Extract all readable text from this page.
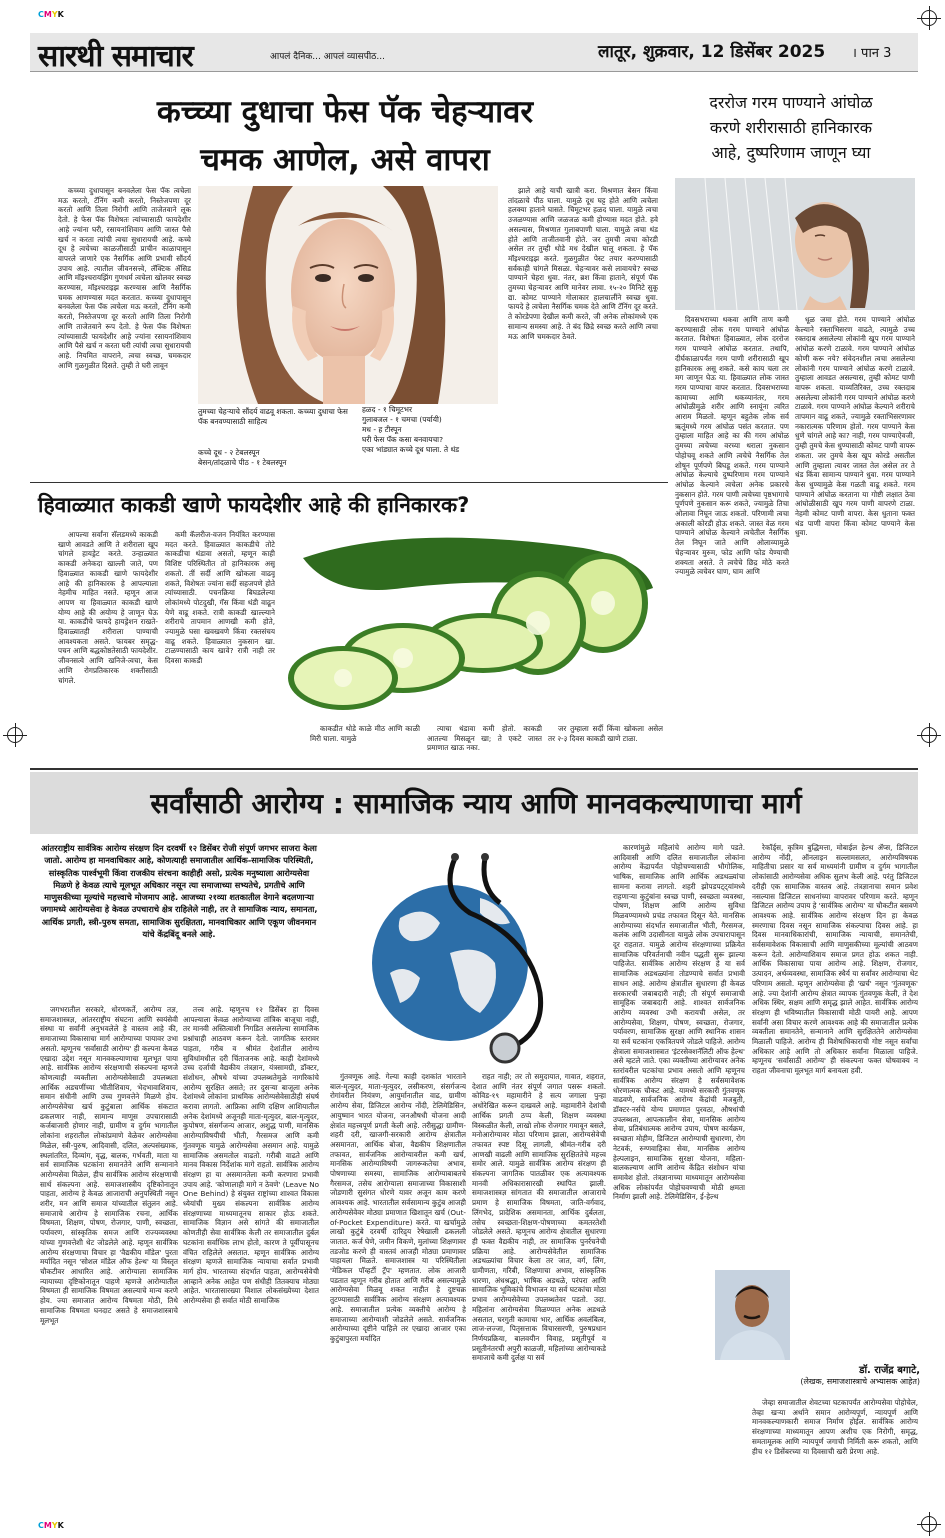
CMYK
CMYK
सारथी समाचार	आपलं दैनिक... आपलं व्यासपीठ...	लातूर, शुक्रवार, 12 डिसेंबर 2025 । पान 3
कच्च्या दुधाचा फेस पॅक चेहऱ्यावर
चमक आणेल, असे वापरा

कच्च्या दुधापासून बनवलेला फेस पॅक त्वचेला मऊ करतो, टॅनिंग कमी करतो, निस्तेजपणा दूर करतो आणि तिला निरोगी आणि ताजेतवाने लूक देतो. हे फेस पॅक विशेषतः त्यांच्यासाठी फायदेशीर आहे ज्यांना घरी, रसायनांशिवाय आणि जास्त पैसे खर्च न करता त्यांची त्वचा सुधारायची आहे. कच्चे दूध हे त्वचेच्या काळजीसाठी प्राचीन काळापासून वापरले जाणारे एक नैसर्गिक आणि प्रभावी सौंदर्य उपाय आहे. त्यातील जीवनसत्त्वे, लॅक्टिक ॲसिड आणि मॉइश्चरायझिंग गुणधर्म त्वचेला खोलवर स्वच्छ करण्यास, मॉइश्चराइझ करण्यास आणि नैसर्गिक चमक आणण्यास मदत करतात. कच्च्या दुधापासून बनवलेला फेस पॅक त्वचेला मऊ करतो, टॅनिंग कमी करतो, निस्तेजपणा दूर करतो आणि तिला निरोगी आणि ताजेतवाने रूप देतो. हे फेस पॅक विशेषतः त्यांच्यासाठी फायदेशीर आहे ज्यांना रसायनांशिवाय आणि पैसे खर्च न करता घरी त्यांची त्वचा सुधारायची आहे. नियमित वापराने, त्वचा स्वच्छ, चमकदार आणि गुळगुळीत दिसते. तुम्ही ते घरी लावून

तुमच्या चेहऱ्याचे सौंदर्य वाढवू शकता. कच्च्या दुधाचा फेस पॅक बनवण्यासाठी साहित्य
कच्चे दूध - २ टेबलस्पून
बेसन/तांदळाचे पीठ - १ टेबलस्पून
हळद - १ चिमूटभर
गुलाबजल - १ चमचा (पर्यायी)
मध - ह टीस्पून
घरी फेस पॅक कसा बनवायचा?
एका भांड्यात कच्चे दूध घाला. ते थंड

झाले आहे याची खात्री करा. मिश्रणात बेसन किंवा तांदळाचे पीठ घाला. यामुळे दूध घट्ट होते आणि त्वचेला हलक्या हाताने घासते. चिमूटभर हळद घाला. यामुळे त्वचा उजळण्यास आणि जळजळ कमी होण्यास मदत होते. हवे असल्यास, मिश्रणात गुलाबपाणी घाला. यामुळे त्वचा थंड होते आणि ताजीतवानी होते. जर तुमची त्वचा कोरडी असेल तर तुम्ही थोडे मध देखील घालू शकता. हे पॅक मॉइश्चराइझ करते. गुळगुळीत पेस्ट तयार करण्यासाठी सर्वकाही चांगले मिसळा. चेहऱ्यावर कसे लावायचे? स्वच्छ पाण्याने चेहरा धुवा. नंतर, ब्रश किंवा हाताने, संपूर्ण पॅक तुमच्या चेहऱ्यावर आणि मानेवर लावा. १५-२० मिनिटे सुकू द्या. कोमट पाण्याने गोलाकार हालचालींने स्वच्छ धुवा. फायदे हे त्वचेला नैसर्गिक चमक देते आणि टॅनिंग दूर करते. ते कोरडेपणा देखील कमी करते, जी अनेक लोकांमध्ये एक सामान्य समस्या आहे. ते बंद छिद्रे स्वच्छ करते आणि त्वचा मऊ आणि चमकदार ठेवते.

दररोज गरम पाण्याने आंघोळ
करणे शरीरासाठी हानिकारक
आहे, दुष्परिणाम जाणून घ्या

दिवसभराच्या थकवा आणि ताण कमी करण्यासाठी लोक गरम पाण्याने आंघोळ करतात. विशेषतः हिवाळ्यात, लोक दररोज गरम पाण्याने आंघोळ करतात. तथापि, दीर्घकाळापर्यंत गरम पाणी शरीरासाठी खूप हानिकारक असू शकते. कसे काय चला तर मग जाणून घेऊ या. हिवाळ्यात लोक जास्त गरम पाण्याचा वापर करतात. दिवसभराच्या कामाच्या आणि थकव्यानंतर, गरम आंघोळीमुळे शरीर आणि स्नायूंना त्वरित आराम मिळतो. म्हणून बहुतेक लोक सर्व ऋतूंमध्ये गरम आंघोळ पसंत करतात. पण तुम्हाला माहित आहे का की गरम आंघोळ तुमच्या त्वचेच्या वरच्या थराला नुकसान पोहोचवू शकते आणि त्वचेचे नैसर्गिक तेल शोषून पूर्णपणे बिघडू शकते. गरम पाण्याने आंघोळ केल्याचे दुष्परिणाम गरम पाण्याने आंघोळ केल्याने त्वचेला अनेक प्रकारचे नुकसान होते. गरम पाणी त्वचेच्या पृष्ठभागाचे पूर्णपणे नुकसान करू शकते, ज्यामुळे तिचा ओलावा निघून जाऊ शकतो. परिणामी त्वचा अकाली कोरडी होऊ शकते. जास्त वेळ गरम पाण्याने आंघोळ केल्याने त्वचेतील नैसर्गिक तेल निघून जाते आणि ओलाव्यामुळे चेहऱ्यावर मुरुम, फोड आणि फोड येण्याची शक्यता असते. ते त्वचेचे छिद्र मोठे करते ज्यामुळे त्वचेवर घाण, घाम आणि

धूळ जमा होते. गरम पाण्याने आंघोळ केल्याने रक्ताभिसरण वाढते, त्यामुळे उच्च रक्तदाब असलेल्या लोकांनी खूप गरम पाण्याने आंघोळ करणे टाळावे. गरम पाण्याने आंघोळ कोणी करू नये? संवेदनशील त्वचा असलेल्या लोकांनी गरम पाण्याने आंघोळ करणे टाळावे. तुम्हाला आवडत असल्यास, तुम्ही कोमट पाणी वापरू शकता. याव्यतिरिक्त, उच्च रक्तदाब असलेल्या लोकांनी गरम पाण्याने आंघोळ करणे टाळावे. गरम पाण्याने आंघोळ केल्याने शरीराचे तापमान वाढू शकते, ज्यामुळे रक्ताभिसरणावर नकारात्मक परिणाम होतो. गरम पाण्याने केस धुणे चांगले आहे का? नाही, गरम पाण्याऐवजी, तुम्ही तुमचे केस धुण्यासाठी कोमट पाणी वापरू शकता. जर तुमचे केस खूप कोरडे असतील आणि तुम्हाला त्यावर जास्त तेल असेल तर ते थंड किंवा सामान्य पाण्याने धुवा. गरम पाण्याने केस धुण्यामुळे केस गळती वाढू शकते. गरम पाण्याने आंघोळ करताना या गोष्टी लक्षात ठेवा आंघोळीसाठी खूप गरम पाणी वापरणे टाळा. नेहमी कोमट पाणी वापरा. केस धुताना फक्त थंड पाणी वापरा किंवा कोमट पाण्याने केस धुवा.

हिवाळ्यात काकडी खाणे फायदेशीर आहे की हानिकारक?

आपल्या सर्वांना सॅलडमध्ये काकडी खाणे आवडते आणि ते शरीराला खूप चांगले हायड्रेट करते. उन्हाळ्यात काकडी अनेकदा खाल्ली जाते, पण हिवाळ्यात काकडी खाणे फायदेशीर आहे की हानिकारक हे आपल्याला नेहमीच माहित नसते. म्हणून आज आपण या हिवाळ्यात काकडी खाणे योग्य आहे की अयोग्य हे जाणून घेऊ या. काकडीचे फायदे हायड्रेशन राखते-हिवाळ्यातही शरीराला पाण्याची आवश्यकता असते. फायबर समृद्ध-पचन आणि बद्धकोष्ठतेसाठी फायदेशीर. जीवनसत्वे आणि खनिजे-त्वचा, केस आणि रोगप्रतिकारक शक्तीसाठी चांगले.

कमी कॅलरीज-वजन नियंत्रित करण्यास मदत करते. हिवाळ्यात काकडीचे तोटे काकडीचा थंडावा असतो, म्हणून काही विशिष्ट परिस्थितीत तो हानिकारक असू शकतो. तीं सर्दी आणि खोकला वाढवू शकते, विशेषतः ज्यांना सर्दी सहजपणे होते त्यांच्यासाठी. पचनक्रिया बिघडलेल्या लोकांमध्ये पोटदुखी, गॅस किंवा थंडी वाढून येणे वाढू शकते. रात्री काकडी खाल्ल्याने शरीराचे तापमान आणखी कमी होते, ज्यामुळे घसा खवखवणे किंवा रक्तसंचय वाढू शकते. हिवाळ्यात नुकसान खा. टाळण्यासाठी काय खावे? रात्री नाही तर दिवसा काकडी

काकडीत थोडे काळे मीठ आणि काळी मिरी घाला. यामुळे

त्याचा थंडावा कमी होतो. काकडी आतल्या मिसळून खा; ते एकटे जास्त प्रमाणात खाऊ नका.

जर तुम्हाला सर्दी किंवा खोकला असेल तर २-३ दिवस काकडी खाणे टाळा.

सर्वांसाठी आरोग्य : सामाजिक न्याय आणि मानवकल्याणाचा मार्ग
आंतरराष्ट्रीय सार्वत्रिक आरोग्य संरक्षण दिन दरवर्षी १२ डिसेंबर रोजी संपूर्ण जगभर साजरा केला जातो. आरोग्य हा मानवाधिकार आहे, कोणत्याही समाजातील आर्थिक-सामाजिक परिस्थिती, सांस्कृतिक पार्श्वभूमी किंवा राजकीय संरचना काहीही असो, प्रत्येक मनुष्याला आरोग्यसेवा मिळणे हे केवळ त्याचे मूलभूत अधिकार नसून त्या समाजाच्या सभ्यतेचे, प्रगतीचे आणि माणुसकीच्या मूल्यांचे महत्त्वाचे मोजमाप आहे. आजच्या २१व्या शतकातील वेगाने बदलणाऱ्या जगामध्ये आरोग्यसेवा हे केवळ उपचाराचे क्षेत्र राहिलेले नाही, तर ते सामाजिक न्याय, समानता, आर्थिक प्रगती, स्त्री-पुरुष समता, सामाजिक सुरक्षितता, मानवाधिकार आणि एकूण जीवनमान यांचे केंद्रबिंदू बनले आहे.

जगभरातील सरकारे, धोरणकर्ते, आरोग्य तज्ञ, समाजशास्त्रज्ञ, आंतरराष्ट्रीय संघटना आणि स्वयंसेवी संस्था या सर्वांनी अनुभवलेले हे वास्तव आहे की, समाजाच्या विकासाचा मार्ग आरोग्याच्या पायावर उभा असतो. म्हणूनच 'सर्वांसाठी आरोग्य' ही कल्पना केवळ एखादा उद्देश नसून मानवकल्याणाचा मूलभूत पाया आहे. सार्वत्रिक आरोग्य संरक्षणाची संकल्पना म्हणजे कोणत्याही व्यक्तीला आरोग्यसेवेसाठी उपलब्धता आर्थिक अडचणींच्या भीतीशिवाय, भेदभावाशिवाय, समान संधीनी आणि उच्च गुणवत्तेने मिळणे होय. आरोग्यसेवेचा खर्च कुटुंबाला आर्थिक संकटात ढकलणार नाही, सामान्य माणूस उपचारासाठी कर्जबाजारी होणार नाही, ग्रामीण व दुर्गम भागातील लोकांना शहरातील लोकांप्रमाणे वेळेवर आरोग्यसेवा मिळेल, स्त्री-पुरुष, आदिवासी, दलित, अल्पसंख्याक, स्थलांतरित, दिव्यांग, वृद्ध, बालक, गर्भवती, माता या सर्व सामाजिक घटकांना समानतेने आणि सन्मानाने आरोग्यसेवा मिळेल, हीच सार्वत्रिक आरोग्य संरक्षणाची सार्थ संकल्पना आहे. समाजशास्त्रीय दृष्टिकोनातून पाहता, आरोग्य हे केवळ आजाराची अनुपस्थिती नसून शरीर, मन आणि समाज यांच्यातील संतुलन आहे. समाजाचे आरोग्य हे सामाजिक रचना, आर्थिक विषमता, शिक्षण, पोषण, रोजगार, पाणी, स्वच्छता, पर्यावरण, सांस्कृतिक समज आणि राज्यव्यवस्था यांच्या गुणवत्तेशी थेट जोडलेले आहे. म्हणून सार्वत्रिक आरोग्य संरक्षणाचा विचार हा 'वैद्यकीय मॉडेल' पुरता मर्यादित नसून 'सोशल मॉडेल ऑफ हेल्थ' या विस्तृत चौकटीवर आधारित आहे. आरोग्याला सामाजिक न्यायाच्या दृष्टिकोनातून पाहणे म्हणजे आरोग्यातील विषमता ही सामाजिक विषमता असल्याचे मान्य करणे होय. ज्या समाजात आरोग्य विषमता मोठी, तिथे सामाजिक विषमता घनदाट असते हे समाजशास्त्राचे मूलभूत

तत्त्व आहे. म्हणूनच १२ डिसेंबर हा दिवस आपल्याला केवळ आरोग्याच्या तांत्रिक बाजूचा नाही, तर मानवी अस्तित्वाशी निगडित असलेल्या सामाजिक प्रश्नांचाही आठवण करून देतो. जागतिक स्तरावर पाहता, गरीब व श्रीमंत देशांतील आरोग्य सुविधांमधील दरी चिंताजनक आहे. काही देशांमध्ये उच्च दर्जाची वैद्यकीय तंत्रज्ञान, यंत्रसामग्री, डॉक्टर, संशोधन, औषधे यांच्या उपलब्धतेमुळे नागरिकांचे आरोग्य सुरक्षित असते; तर दुसऱ्या बाजूला अनेक देशांमध्ये लोकांना प्राथमिक आरोग्यसेवेसाठीही संघर्ष करावा लागतो. आफ्रिका आणि दक्षिण आशियातील अनेक देशांमध्ये अजूनही माता-मृत्युदर, बाल-मृत्युदर, कुपोषण, संसर्गजन्य आजार, अशुद्ध पाणी, मानसिक आरोग्याविषयीची भीती, गैरसमज आणि कमी गुंतवणूक यामुळे आरोग्यसेवा असमान आहे. यामुळे सामाजिक असमतोल वाढतो. गरीबी वाढते आणि मानव विकास निर्देशांक मागे राहतो. सार्वत्रिक आरोग्य संरक्षण हा या असमानतेला कमी करणारा प्रभावी उपाय आहे. 'कोणालाही मागे न ठेवणे' (Leave No One Behind) हे संयुक्त राष्ट्रांच्या शाश्वत विकास ध्येयांची मुख्य संकल्पना सार्वत्रिक आरोग्य संरक्षणाच्या माध्यमातूनच साकार होऊ शकते. सामाजिक विज्ञान असे सांगते की समाजातील कोणतीही सेवा सार्वत्रिक केली तर समाजातील दुर्बल घटकांना सर्वाधिक लाभ होतो, कारण ते पूर्वीपासूनच वंचित राहिलेले असतात. म्हणून सार्वत्रिक आरोग्य संरक्षण म्हणजे सामाजिक न्यायाचा सर्वात प्रभावी मार्ग होय. भारताच्या संदर्भात पाहता, आरोग्यसेवेची आव्हाने अनेक आहेत पण संधीही तितक्याच मोठ्या आहेत. भारतासारख्या विशाल लोकसंख्येच्या देशात आरोग्यसेवा ही सर्वात मोठी सामाजिक

गुंतवणूक आहे. गेल्या काही दशकांत भारताने बाल-मृत्युदर, माता-मृत्युदर, लसीकरण, संसर्गजन्य रोगांवरील नियंत्रण, आयुर्मानातील वाढ, ग्रामीण आरोग्य सेवा, डिजिटल आरोग्य नोंदी, टेलिमेडिसिन, आयुष्मान भारत योजना, जनऔषधी योजना आदी क्षेत्रांत महत्त्वपूर्ण प्रगती केली आहे. तरीसुद्धा ग्रामीण-शहरी दरी, खाजगी-सरकारी आरोग्य क्षेत्रातील असमानता, आर्थिक बोजा, वैद्यकीय शिक्षणातील तफावत, सार्वजनिक आरोग्यावरील कमी खर्च, मानसिक आरोग्याविषयी जागरूकतेचा अभाव, पोषणाच्या समस्या, सामाजिक आरोग्याबाबतचे गैरसमज, तसेच आरोग्याला समाजाच्या विकासाशी जोडणारी सुसंगत धोरणे यावर अजून काम करणे आवश्यक आहे. भारतातील सर्वसामान्य कुटुंब आजही आरोग्यसेवेवर मोठ्या प्रमाणात खिशातून खर्च (Out-of-Pocket Expenditure) करते. या खर्चामुळे लाखो कुटुंबे दरवर्षी दारिद्र्य रेषेखाली ढकलली जातात. कर्ज घेणे, जमीन विकणे, मुलांच्या शिक्षणावर तडजोड करणे ही वास्तवं आजही मोठ्या प्रमाणावर पाहायला मिळते. समाजशास्त्र या परिस्थितीला 'मेडिकल पॉव्हर्टी ट्रॅप' म्हणतात. लोक आजारी पडतात म्हणून गरीब होतात आणि गरीब असल्यामुळे आरोग्यसेवा मिळवू शकत नाहीत हे दुष्टचक्र तुटण्यासाठी सार्वत्रिक आरोग्य संरक्षण अत्यावश्यक आहे. समाजातील प्रत्येक व्यक्तीचे आरोग्य हे समाजाच्या आरोग्याशी जोडलेले असते. सार्वजनिक आरोग्याच्या दृष्टीने पाहिले तर एखादा आजार एका कुटुंबापुरता मर्यादित

राहत नाही; तर तो समुदायात, गावात, शहरात, देशात आणि नंतर संपूर्ण जगात पसरू शकतो. कोविड-१९ महामारीने हे सत्य जगाला पुन्हा अधोरेखित करून दाखवले आहे. महामारीने देशांची आर्थिक प्रगती ठप्प केली, शिक्षण व्यवस्था विस्कळीत केली, लाखो लोक रोजगार गमावून बसले, मनोआरोग्यावर मोठा परिणाम झाला, आरोग्यसेवेची तफावत स्पष्ट दिसू लागली, श्रीमंत-गरीब दरी आणखी वाढली आणि सामाजिक सुरक्षिततेचे महत्त्व समोर आले. यामुळे सार्वत्रिक आरोग्य संरक्षण ही संकल्पना जागतिक पातळीवर एक अत्यावश्यक मानवी अधिकारासारखी स्थापित झाली. समाजशास्त्रज्ञ सांगतात की समाजातील आजाराचे प्रमाण हे सामाजिक विषमता, जाति-वर्गवाद, लिंगभेद, प्रादेशिक असमानता, आर्थिक दुर्बलता, तसेच स्वच्छता-शिक्षण-पोषणाच्या कमतरतेशी जोडलेले असते. म्हणूनच आरोग्य क्षेत्रातील सुधारणा ही फक्त वैद्यकीय नाही, तर सामाजिक पुनर्रचनेची प्रक्रिया आहे. आरोग्यसेवेतील सामाजिक अडथळ्यांचा विचार केला तर जात, वर्ग, लिंग, ग्रामीणता, गरिबी, शिक्षणाचा अभाव, सांस्कृतिक धारणा, अंधश्रद्धा, भाषिक अडथळे, परंपरा आणि सामाजिक भूमिकांचे विभाजन या सर्व घटकांचा मोठा प्रभाव आरोग्यसेवेच्या उपलब्धतेवर पडतो. उदा. महिलांना आरोग्यसेवा मिळण्यात अनेक अडथळे असतात, घरगुती कामाचा भार, आर्थिक अवलंबित्व, लाज-लज्जा, पितृसत्ताक विचारसरणी, पुरुषप्रधान निर्णयप्रक्रिया, बालवयीन विवाह, प्रसूतीपूर्व व प्रसूतीनंतरची अपुरी काळजी, महिलांच्या आरोग्याकडे समाजाचे कमी दुर्लक्ष या सर्व

कारणांमुळे महिलांचे आरोग्य मागे पडते. आदिवासी आणि दलित समाजातील लोकांना आरोग्य केंद्रापर्यंत पोहोचण्यासाठी भौगोलिक, भाषिक, सामाजिक आणि आर्थिक अडथळ्यांचा सामना करावा लागतो. शहरी झोपडपट्ट्यांमध्ये राहणाऱ्या कुटुंबांना स्वच्छ पाणी, स्वच्छता व्यवस्था, पोषण, शिक्षण आणि आरोग्य सुविधा मिळवण्यामध्ये प्रचंड तफावत दिसून येते. मानसिक आरोग्याच्या संदर्भात समाजातील भीती, गैरसमज, कलंक आणि उदासीनता यामुळे लोक उपचारापासून दूर राहतात. यामुळे आरोग्य संरक्षणाच्या प्रक्रियेत सामाजिक परिवर्तनाची नवीन पद्धती सुरू झाल्या पाहिजेत. सार्वत्रिक आरोग्य संरक्षण हे या सर्व सामाजिक अडथळ्यांना तोडण्याचे सर्वात प्रभावी साधन आहे. आरोग्य क्षेत्रातील सुधारणा ही केवळ सरकारची जबाबदारी नाही; ती संपूर्ण समाजाची सामूहिक जबाबदारी आहे. शाश्वत सार्वजनिक आरोग्य व्यवस्था उभी करायची असेल, तर आरोग्यसेवा, शिक्षण, पोषण, स्वच्छता, रोजगार, पर्यावरण, सामाजिक सुरक्षा आणि स्थानिक शासन या सर्व घटकांना एकत्रितपणे जोडले पाहिजे. आरोग्य क्षेत्राला समाजशास्त्रात 'इंटरसेक्शनॅलिटी ऑफ हेल्थ' असे म्हटले जाते. एका व्यक्तीच्या आरोग्यावर अनेक स्तरांवरील घटकांचा प्रभाव असतो आणि म्हणूनच सार्वत्रिक आरोग्य संरक्षण हे सर्वसमावेशक धोरणात्मक चौकट आहे. यामध्ये सरकारी गुंतवणूक वाढवणे, सार्वजनिक आरोग्य केंद्रांची मजबुती, डॉक्टर-नर्सचे योग्य प्रमाणात पुरवठा, औषधांची उपलब्धता, आपत्कालीन सेवा, मानसिक आरोग्य सेवा, प्रतिबंधात्मक आरोग्य उपाय, पोषण कार्यक्रम, स्वच्छता मोहीम, डिजिटल आरोग्याची सुधारणा, रोग नेटवर्क, रुग्णवाहिका सेवा, मानसिक आरोग्य हेल्पलाइन, सामाजिक सुरक्षा योजना, महिला-बालकल्याण आणि आरोग्य केंद्रित संशोधन यांचा समावेश होतो. तंत्रज्ञानाच्या माध्यमातून आरोग्यसेवा अधिक लोकांपर्यंत पोहोचवण्याची मोठी क्षमता निर्माण झाली आहे. टेलिमेडिसिन, ई-हेल्थ

रेकॉर्ड्स, कृत्रिम बुद्धिमत्ता, मोबाईल हेल्थ ॲप्स, डिजिटल आरोग्य नोंदी, ऑनलाइन सल्लामसलत, आरोग्यविषयक माहितीचा प्रसार या सर्व माध्यमांनी ग्रामीण व दुर्गम भागातील लोकांसाठी आरोग्यसेवा अधिक सुलभ केली आहे. परंतु डिजिटल दरीही एक सामाजिक वास्तव आहे. तंत्रज्ञानाचा समान प्रवेश नसल्यास डिजिटल साधनांच्या वापरावर परिणाम करते. म्हणून डिजिटल आरोग्य उपाय हे 'सार्वत्रिक आरोग्य' या चौकटीत बसवणे आवश्यक आहे. सार्वत्रिक आरोग्य संरक्षण दिन हा केवळ स्मरणाचा दिवस नसून सामाजिक संकल्पाचा दिवस आहे. हा दिवस मानवाधिकारांची, सामाजिक न्यायाची, समानतेची, सर्वसमावेशक विकासाची आणि माणुसकीच्या मूल्यांची आठवण करून देतो. आरोग्याशिवाय समाज प्रगत होऊ शकत नाही. आर्थिक विकासाचा पाया आरोग्य आहे. शिक्षण, रोजगार, उत्पादन, अर्थव्यवस्था, सामाजिक स्थैर्य या सर्वांवर आरोग्याचा थेट परिणाम असतो. म्हणून आरोग्यसेवा ही 'खर्च' नसून 'गुंतवणूक' आहे. ज्या देशांनी आरोग्य क्षेत्रात व्यापक गुंतवणूक केली, ते देश अधिक स्थिर, सक्षम आणि समृद्ध झाले आहेत. सार्वत्रिक आरोग्य संरक्षण ही भविष्यातील विकासाची मोठी पायरी आहे. आपण सर्वांनी असा विचार करणे आवश्यक आहे की समाजातील प्रत्येक व्यक्तीला समानतेने, सन्मानाने आणि सुरक्षिततेने आरोग्यसेवा मिळाली पाहिजे. आरोग्य ही विशेषाधिकाराची गोष्ट नसून सर्वांचा अधिकार आहे आणि तो अधिकार सर्वांना मिळाला पाहिजे. म्हणूनच 'सर्वांसाठी आरोग्य' ही संकल्पना फक्त घोषवाक्य न राहता जीवनाचा मूलभूत मार्ग बनायला हवी.

डॉ. राजेंद्र बगाटे,
(लेखक, समाजशास्त्राचे अभ्यासक आहेत)

जेव्हा समाजातील शेवटच्या घटकापर्यंत आरोग्यसेवा पोहोचेल, तेव्हा खऱ्या अर्थाने समान आरोग्यपूर्ण, न्यायपूर्ण आणि मानवकल्याणकारी समाज निर्माण होईल. सार्वत्रिक आरोग्य संरक्षणाच्या माध्यमातून आपण अशीच एक निरोगी, समृद्ध, समतामूलक आणि न्यायपूर्ण जगाची निर्मिती करू शकतो, आणि हीच १२ डिसेंबरच्या या दिवसाची खरी प्रेरणा आहे.
